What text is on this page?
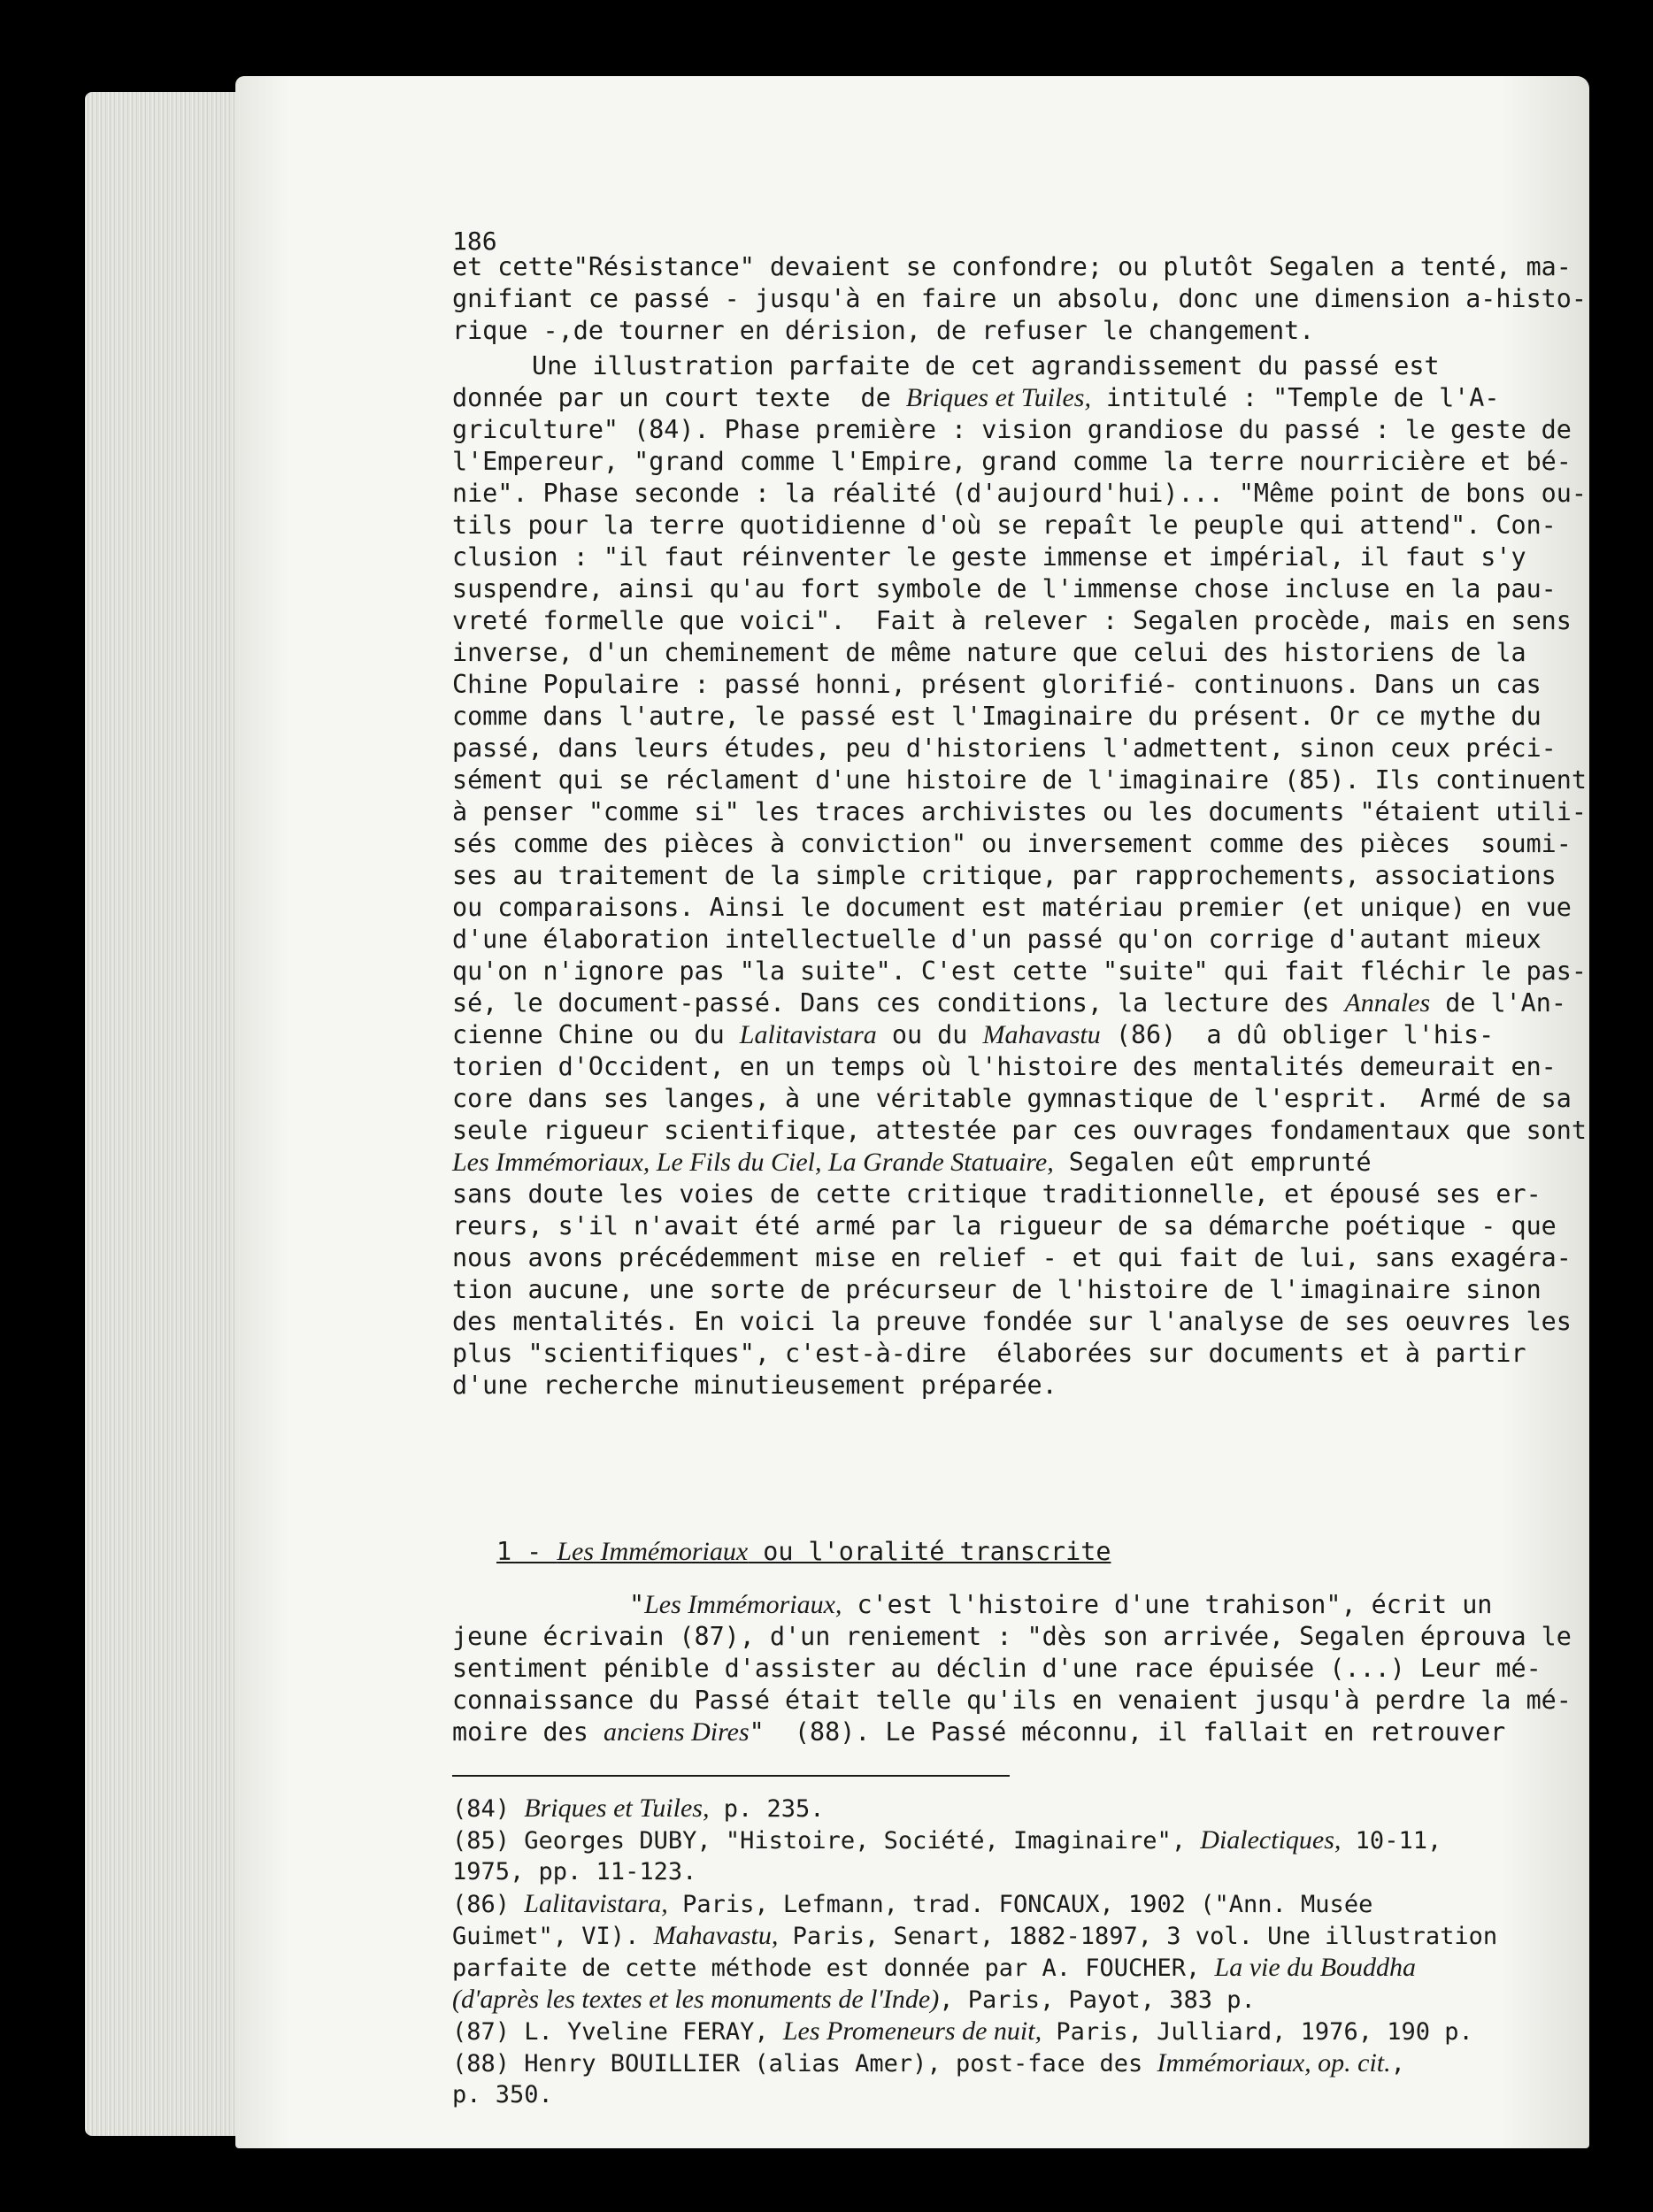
186
et cette"Résistance" devaient se confondre; ou plutôt Segalen a tenté, ma-
gnifiant ce passé - jusqu'à en faire un absolu, donc une dimension a-histo-
rique -,de tourner en dérision, de refuser le changement.
Une illustration parfaite de cet agrandissement du passé est
donnée par un court texte  de Briques et Tuiles, intitulé : "Temple de l'A-
griculture" (84). Phase première : vision grandiose du passé : le geste de
l'Empereur, "grand comme l'Empire, grand comme la terre nourricière et bé-
nie". Phase seconde : la réalité (d'aujourd'hui)... "Même point de bons ou-
tils pour la terre quotidienne d'où se repaît le peuple qui attend". Con-
clusion : "il faut réinventer le geste immense et impérial, il faut s'y
suspendre, ainsi qu'au fort symbole de l'immense chose incluse en la pau-
vreté formelle que voici".  Fait à relever : Segalen procède, mais en sens
inverse, d'un cheminement de même nature que celui des historiens de la
Chine Populaire : passé honni, présent glorifié- continuons. Dans un cas
comme dans l'autre, le passé est l'Imaginaire du présent. Or ce mythe du
passé, dans leurs études, peu d'historiens l'admettent, sinon ceux préci-
sément qui se réclament d'une histoire de l'imaginaire (85). Ils continuent
à penser "comme si" les traces archivistes ou les documents "étaient utili-
sés comme des pièces à conviction" ou inversement comme des pièces  soumi-
ses au traitement de la simple critique, par rapprochements, associations
ou comparaisons. Ainsi le document est matériau premier (et unique) en vue
d'une élaboration intellectuelle d'un passé qu'on corrige d'autant mieux
qu'on n'ignore pas "la suite". C'est cette "suite" qui fait fléchir le pas-
sé, le document-passé. Dans ces conditions, la lecture des Annales de l'An-
cienne Chine ou du Lalitavistara ou du Mahavastu (86)  a dû obliger l'his-
torien d'Occident, en un temps où l'histoire des mentalités demeurait en-
core dans ses langes, à une véritable gymnastique de l'esprit.  Armé de sa
seule rigueur scientifique, attestée par ces ouvrages fondamentaux que sont
Les Immémoriaux, Le Fils du Ciel, La Grande Statuaire, Segalen eût emprunté
sans doute les voies de cette critique traditionnelle, et épousé ses er-
reurs, s'il n'avait été armé par la rigueur de sa démarche poétique - que
nous avons précédemment mise en relief - et qui fait de lui, sans exagéra-
tion aucune, une sorte de précurseur de l'histoire de l'imaginaire sinon
des mentalités. En voici la preuve fondée sur l'analyse de ses oeuvres les
plus "scientifiques", c'est-à-dire  élaborées sur documents et à partir
d'une recherche minutieusement préparée.
1 - Les Immémoriaux ou l'oralité transcrite
"Les Immémoriaux, c'est l'histoire d'une trahison", écrit un
jeune écrivain (87), d'un reniement : "dès son arrivée, Segalen éprouva le
sentiment pénible d'assister au déclin d'une race épuisée (...) Leur mé-
connaissance du Passé était telle qu'ils en venaient jusqu'à perdre la mé-
moire des anciens Dires"  (88). Le Passé méconnu, il fallait en retrouver
(84) Briques et Tuiles, p. 235.
(85) Georges DUBY, "Histoire, Société, Imaginaire", Dialectiques, 10-11,
1975, pp. 11-123.
(86) Lalitavistara, Paris, Lefmann, trad. FONCAUX, 1902 ("Ann. Musée
Guimet", VI). Mahavastu, Paris, Senart, 1882-1897, 3 vol. Une illustration
parfaite de cette méthode est donnée par A. FOUCHER, La vie du Bouddha
(d'après les textes et les monuments de l'Inde), Paris, Payot, 383 p.
(87) L. Yveline FERAY, Les Promeneurs de nuit, Paris, Julliard, 1976, 190 p.
(88) Henry BOUILLIER (alias Amer), post-face des Immémoriaux, op. cit.,
p. 350.
